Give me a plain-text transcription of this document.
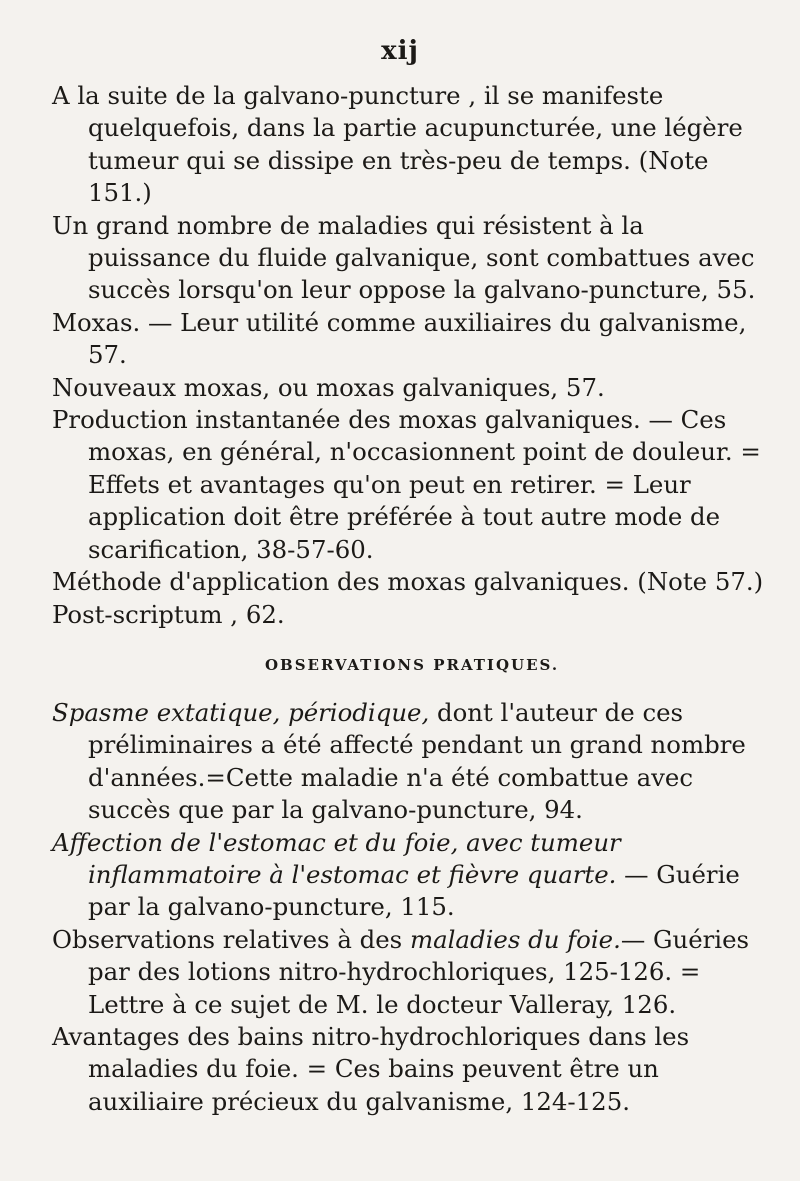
xij

A la suite de la galvano-puncture , il se manifeste quelquefois, dans la partie acupuncturée, une légère tumeur qui se dissipe en très-peu de temps. (Note 151.)

Un grand nombre de maladies qui résistent à la puissance du fluide galvanique, sont combattues avec succès lorsqu'on leur oppose la galvano-puncture, 55.

Moxas. — Leur utilité comme auxiliaires du galvanisme, 57.

Nouveaux moxas, ou moxas galvaniques, 57.

Production instantanée des moxas galvaniques. — Ces moxas, en général, n'occasionnent point de douleur. = Effets et avantages qu'on peut en retirer. = Leur application doit être préférée à tout autre mode de scarification, 38-57-60.

Méthode d'application des moxas galvaniques. (Note 57.)

Post-scriptum , 62.

OBSERVATIONS PRATIQUES.

Spasme extatique, périodique, dont l'auteur de ces préliminaires a été affecté pendant un grand nombre d'années.=Cette maladie n'a été combattue avec succès que par la galvano-puncture, 94.

Affection de l'estomac et du foie, avec tumeur inflammatoire à l'estomac et fièvre quarte. — Guérie par la galvano-puncture, 115.

Observations relatives à des maladies du foie.— Guéries par des lotions nitro-hydrochloriques, 125-126. = Lettre à ce sujet de M. le docteur Valleray, 126.

Avantages des bains nitro-hydrochloriques dans les maladies du foie. = Ces bains peuvent être un auxiliaire précieux du galvanisme, 124-125.
